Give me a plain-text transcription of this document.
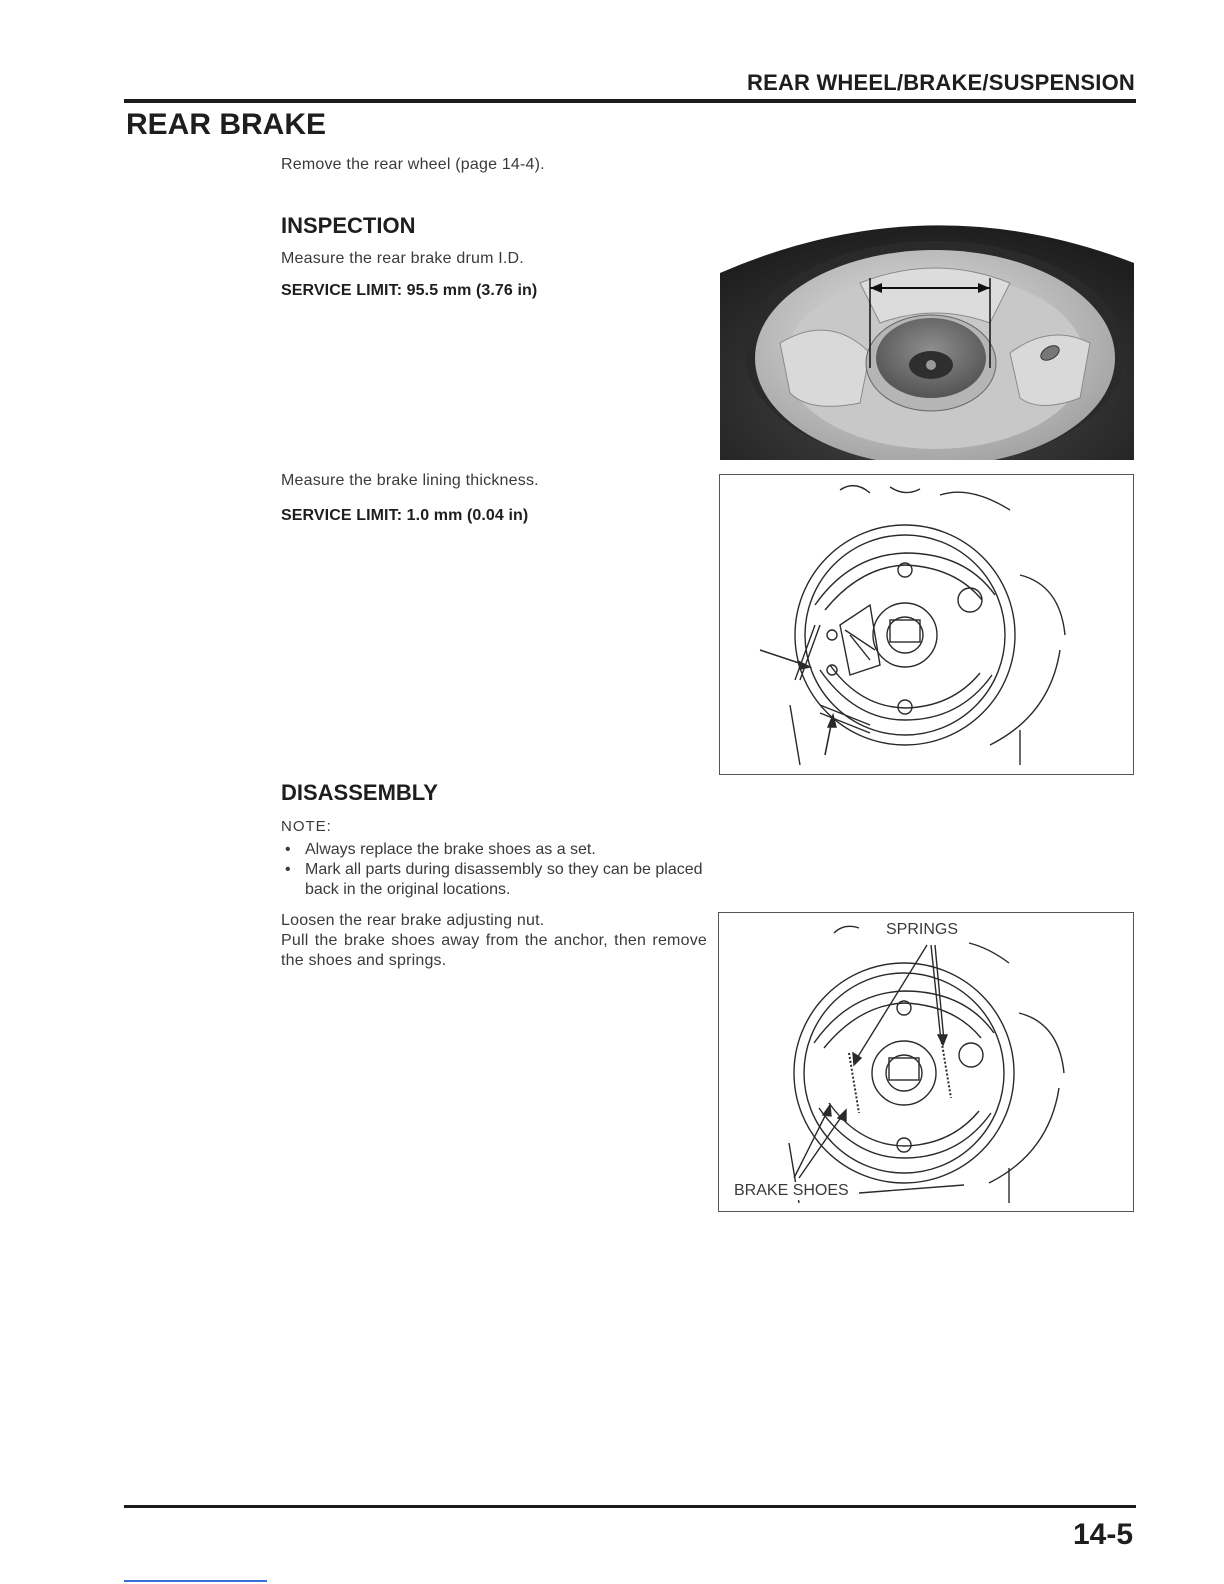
REAR WHEEL/BRAKE/SUSPENSION
REAR BRAKE
Remove the rear wheel (page 14-4).
INSPECTION
Measure the rear brake drum I.D.
SERVICE LIMIT: 95.5 mm (3.76 in)
Measure the brake lining thickness.
SERVICE LIMIT: 1.0 mm (0.04 in)
DISASSEMBLY
NOTE:
• Always replace the brake shoes as a set.
• Mark all parts during disassembly so they can be placed back in the original locations.
Loosen the rear brake adjusting nut.
Pull the brake shoes away from the anchor, then remove the shoes and springs.
SPRINGS
BRAKE SHOES
14-5
